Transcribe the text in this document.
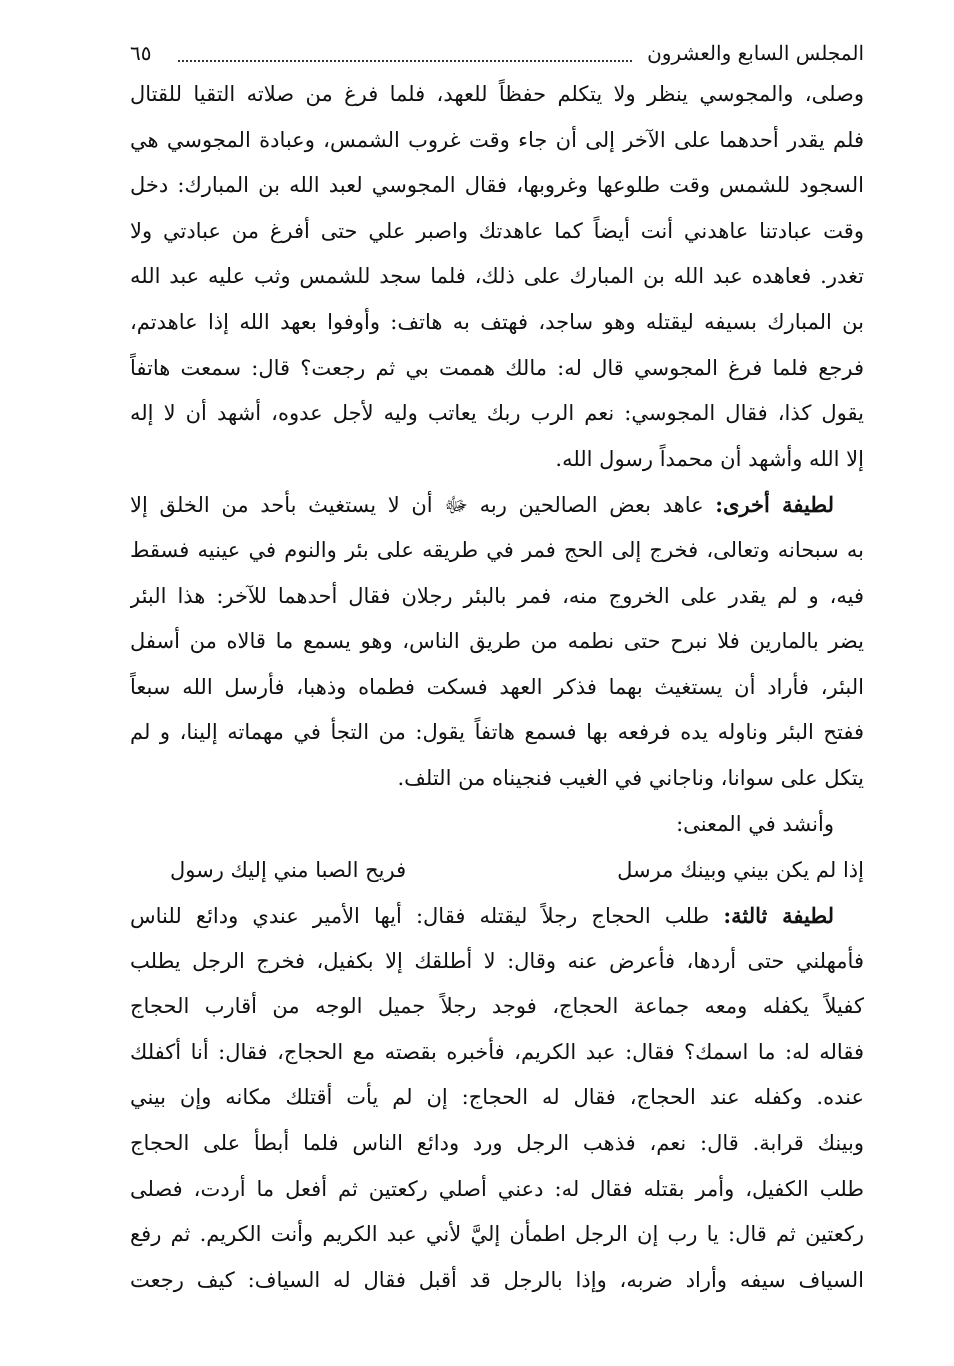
المجلس السابع والعشرون
٦٥
وصلى، والمجوسي ينظر ولا يتكلم حفظاً للعهد، فلما فرغ من صلاته التقيا للقتال
فلم يقدر أحدهما على الآخر إلى أن جاء وقت غروب الشمس، وعبادة المجوسي هي
السجود للشمس وقت طلوعها وغروبها، فقال المجوسي لعبد الله بن المبارك: دخل
وقت عبادتنا عاهدني أنت أيضاً كما عاهدتك واصبر علي حتى أفرغ من عبادتي ولا
تغدر. فعاهده عبد الله بن المبارك على ذلك، فلما سجد للشمس وثب عليه عبد الله
بن المبارك بسيفه ليقتله وهو ساجد، فهتف به هاتف: وأوفوا بعهد الله إذا عاهدتم،
فرجع فلما فرغ المجوسي قال له: مالك هممت بي ثم رجعت؟ قال: سمعت هاتفاً
يقول كذا، فقال المجوسي: نعم الرب ربك يعاتب وليه لأجل عدوه، أشهد أن لا إله
إلا الله وأشهد أن محمداً رسول الله.
لطيفة أخرى: عاهد بعض الصالحين ربه ﷻ أن لا يستغيث بأحد من الخلق إلا
به سبحانه وتعالى، فخرج إلى الحج فمر في طريقه على بئر والنوم في عينيه فسقط
فيه، و لم يقدر على الخروج منه، فمر بالبئر رجلان فقال أحدهما للآخر: هذا البئر
يضر بالمارين فلا نبرح حتى نطمه من طريق الناس، وهو يسمع ما قالاه من أسفل
البئر، فأراد أن يستغيث بهما فذكر العهد فسكت فطماه وذهبا، فأرسل الله سبعاً
ففتح البئر وناوله يده فرفعه بها فسمع هاتفاً يقول: من التجأ في مهماته إلينا، و لم
يتكل على سوانا، وناجاني في الغيب فنجيناه من التلف.
وأنشد في المعنى:
إذا لم يكن بيني وبينك مرسل
فريح الصبا مني إليك رسول
لطيفة ثالثة: طلب الحجاج رجلاً ليقتله فقال: أيها الأمير عندي ودائع للناس
فأمهلني حتى أردها، فأعرض عنه وقال: لا أطلقك إلا بكفيل، فخرج الرجل يطلب
كفيلاً يكفله ومعه جماعة الحجاج، فوجد رجلاً جميل الوجه من أقارب الحجاج
فقاله له: ما اسمك؟ فقال: عبد الكريم، فأخبره بقصته مع الحجاج، فقال: أنا أكفلك
عنده. وكفله عند الحجاج، فقال له الحجاج: إن لم يأت أقتلك مكانه وإن بيني
وبينك قرابة. قال: نعم، فذهب الرجل ورد ودائع الناس فلما أبطأ على الحجاج
طلب الكفيل، وأمر بقتله فقال له: دعني أصلي ركعتين ثم أفعل ما أردت، فصلى
ركعتين ثم قال: يا رب إن الرجل اطمأن إليَّ لأني عبد الكريم وأنت الكريم. ثم رفع
السياف سيفه وأراد ضربه، وإذا بالرجل قد أقبل فقال له السياف: كيف رجعت
